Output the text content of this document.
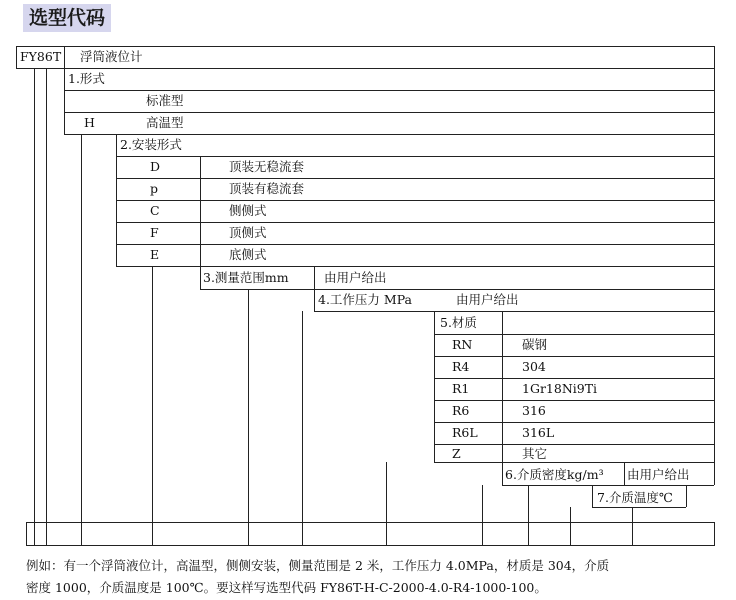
选型代码
FY86T 浮筒液位计
1.形式
标准型
H	高温型
2.安装形式
D	顶装无稳流套
p	顶装有稳流套
C	侧侧式
F	顶侧式
E	底侧式
3.测量范围mm	由用户给出
4.工作压力 MPa	由用户给出
5.材质
RN	碳钢
R4	304
R1	1Gr18Ni9Ti
R6	316
R6L	316L
Z	其它
6.介质密度kg/m³ 由用户给出
7.介质温度℃
例如：有一个浮筒液位计，高温型，侧侧安装，侧量范围是 2 米，工作压力 4.0MPa，材质是 304，介质
密度 1000，介质温度是 100℃。要这样写选型代码 FY86T-H-C-2000-4.0-R4-1000-100。
